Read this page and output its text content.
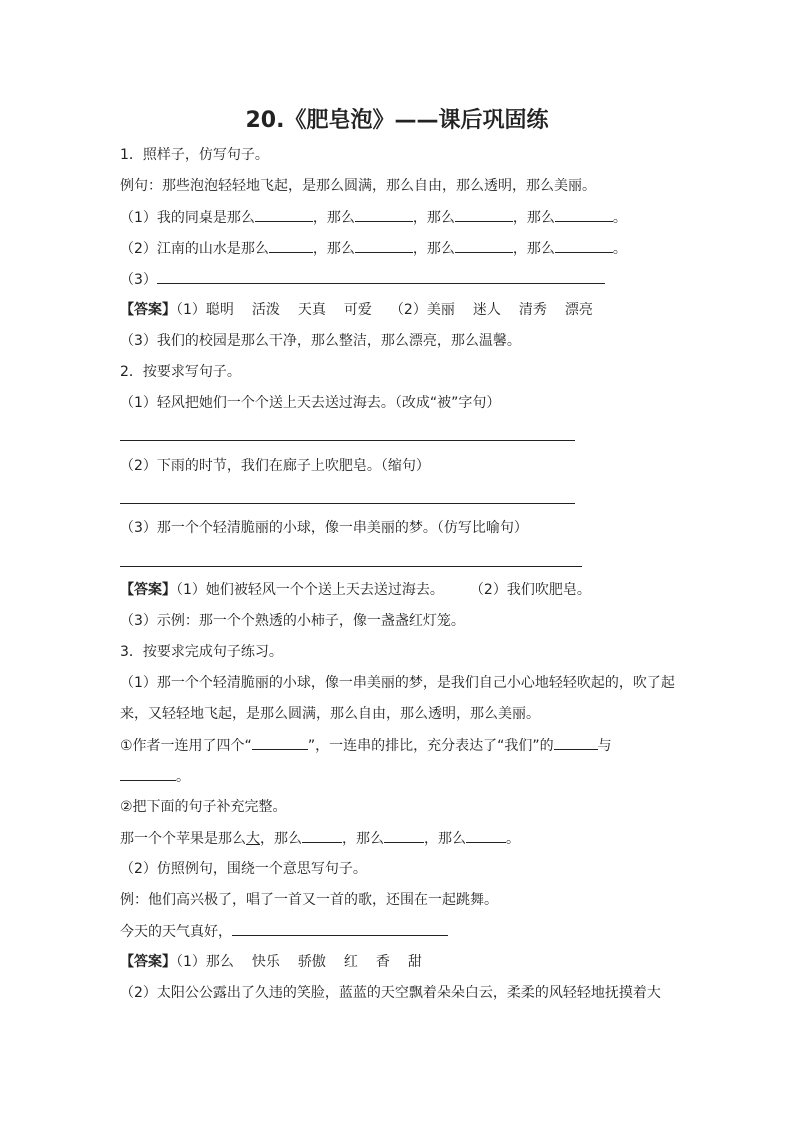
20.《肥皂泡》——课后巩固练
1．照样子，仿写句子。
例句：那些泡泡轻轻地飞起，是那么圆满，那么自由，那么透明，那么美丽。
（1）我的同桌是那么	，那么	，那么	，那么	。
（2）江南的山水是那么	，那么	，那么	，那么	。
（3）
【答案】（1）聪明 活泼 天真 可爱 （2）美丽 迷人 清秀 漂亮
（3）我们的校园是那么干净，那么整洁，那么漂亮，那么温馨。
2．按要求写句子。
（1）轻风把她们一个个送上天去送过海去。（改成“被”字句）
（2）下雨的时节，我们在廊子上吹肥皂。（缩句）
（3）那一个个轻清脆丽的小球，像一串美丽的梦。（仿写比喻句）
【答案】（1）她们被轻风一个个送上天去送过海去。 （2）我们吹肥皂。
（3）示例：那一个个熟透的小柿子，像一盏盏红灯笼。
3．按要求完成句子练习。
（1）那一个个轻清脆丽的小球，像一串美丽的梦，是我们自己小心地轻轻吹起的，吹了起
来，又轻轻地飞起，是那么圆满，那么自由，那么透明，那么美丽。
①作者一连用了四个“	”，一连串的排比，充分表达了“我们”的	与
。
②把下面的句子补充完整。
那一个个苹果是那么大，那么	，那么	，那么	。
（2）仿照例句，围绕一个意思写句子。
例：他们高兴极了，唱了一首又一首的歌，还围在一起跳舞。
今天的天气真好，
【答案】（1）那么 快乐 骄傲 红 香 甜
（2）太阳公公露出了久违的笑脸，蓝蓝的天空飘着朵朵白云，柔柔的风轻轻地抚摸着大
